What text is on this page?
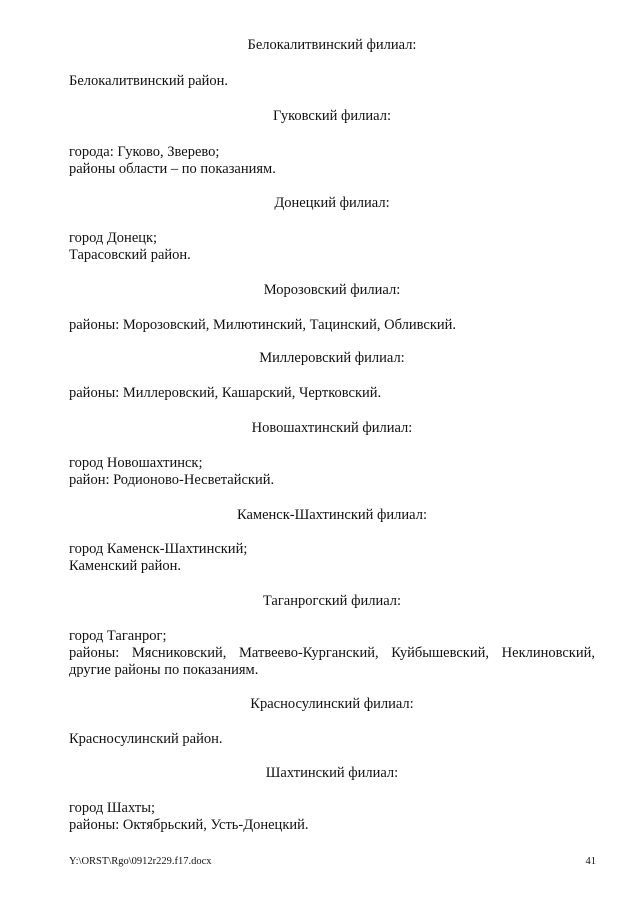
Белокалитвинский филиал:
Белокалитвинский район.
Гуковский филиал:
города: Гуково, Зверево;
районы области – по показаниям.
Донецкий филиал:
город Донецк;
Тарасовский район.
Морозовский филиал:
районы: Морозовский, Милютинский, Тацинский, Обливский.
Миллеровский филиал:
районы: Миллеровский, Кашарский, Чертковский.
Новошахтинский филиал:
город Новошахтинск;
район: Родионово-Несветайский.
Каменск-Шахтинский филиал:
город Каменск-Шахтинский;
Каменский район.
Таганрогский филиал:
город Таганрог;
районы: Мясниковский, Матвеево-Курганский, Куйбышевский, Неклиновский,
другие районы по показаниям.
Красносулинский филиал:
Красносулинский район.
Шахтинский филиал:
город Шахты;
районы: Октябрьский, Усть-Донецкий.
Y:\ORST\Rgo\0912r229.f17.docx	41
